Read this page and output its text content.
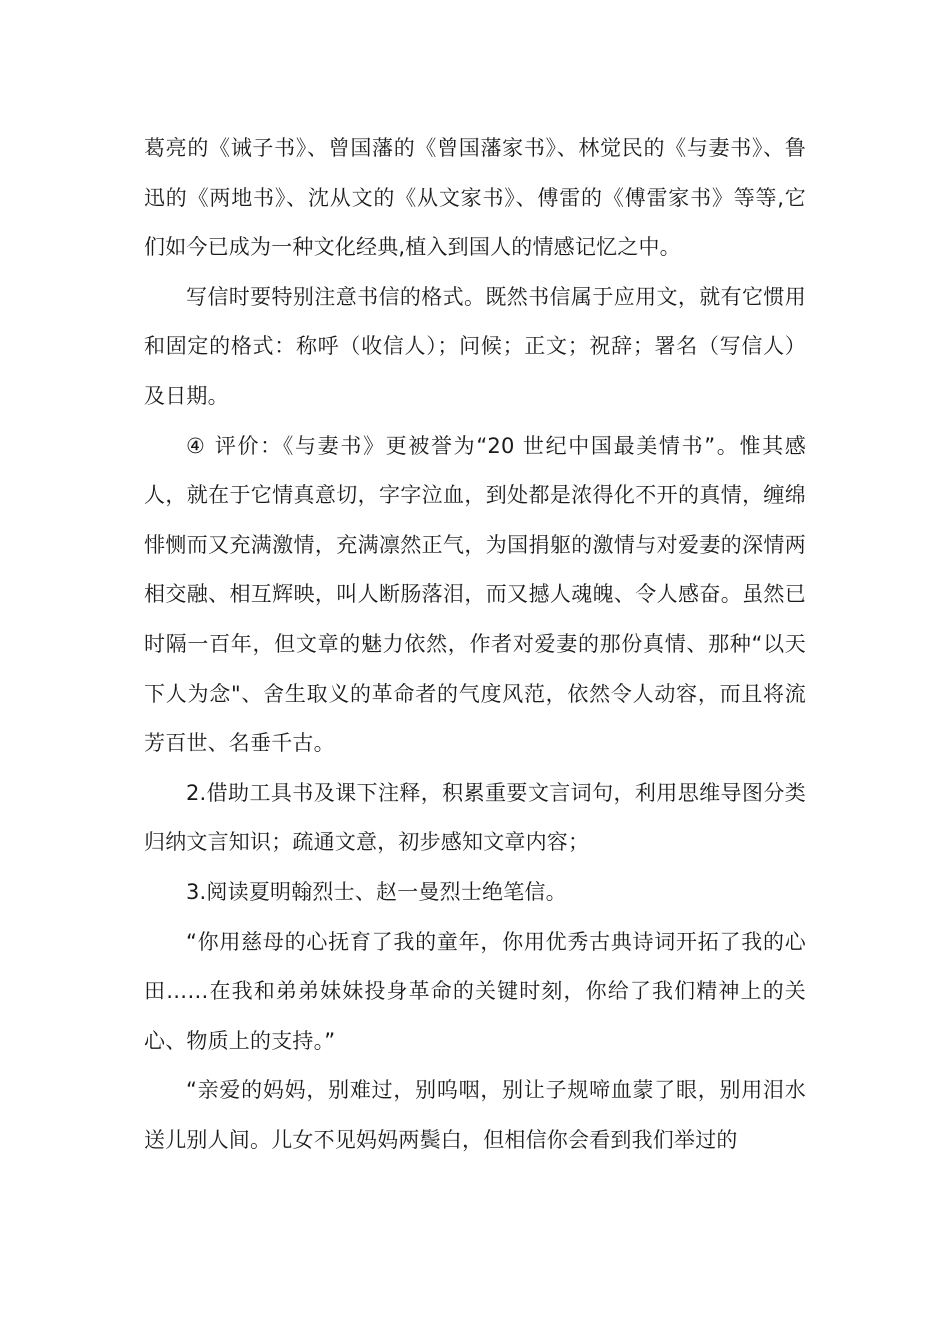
葛亮的《诫子书》、曾国藩的《曾国藩家书》、林觉民的《与妻书》、鲁迅的《两地书》、沈从文的《从文家书》、傅雷的《傅雷家书》等等,它们如今已成为一种文化经典,植入到国人的情感记忆之中。

写信时要特别注意书信的格式。既然书信属于应用文，就有它惯用和固定的格式：称呼（收信人）；问候；正文；祝辞；署名（写信人）及日期。

④ 评价：《与妻书》更被誉为“20 世纪中国最美情书”。惟其感人，就在于它情真意切，字字泣血，到处都是浓得化不开的真情，缠绵悱恻而又充满激情，充满凛然正气，为国捐躯的激情与对爱妻的深情两相交融、相互辉映，叫人断肠落泪，而又撼人魂魄、令人感奋。虽然已时隔一百年，但文章的魅力依然，作者对爱妻的那份真情、那种“以天下人为念"、舍生取义的革命者的气度风范，依然令人动容，而且将流芳百世、名垂千古。

2.借助工具书及课下注释，积累重要文言词句，利用思维导图分类归纳文言知识；疏通文意，初步感知文章内容；

3.阅读夏明翰烈士、赵一曼烈士绝笔信。

“你用慈母的心抚育了我的童年，你用优秀古典诗词开拓了我的心田……在我和弟弟妹妹投身革命的关键时刻，你给了我们精神上的关心、物质上的支持。”

“亲爱的妈妈，别难过，别呜咽，别让子规啼血蒙了眼，别用泪水送儿别人间。儿女不见妈妈两鬓白，但相信你会看到我们举过的
